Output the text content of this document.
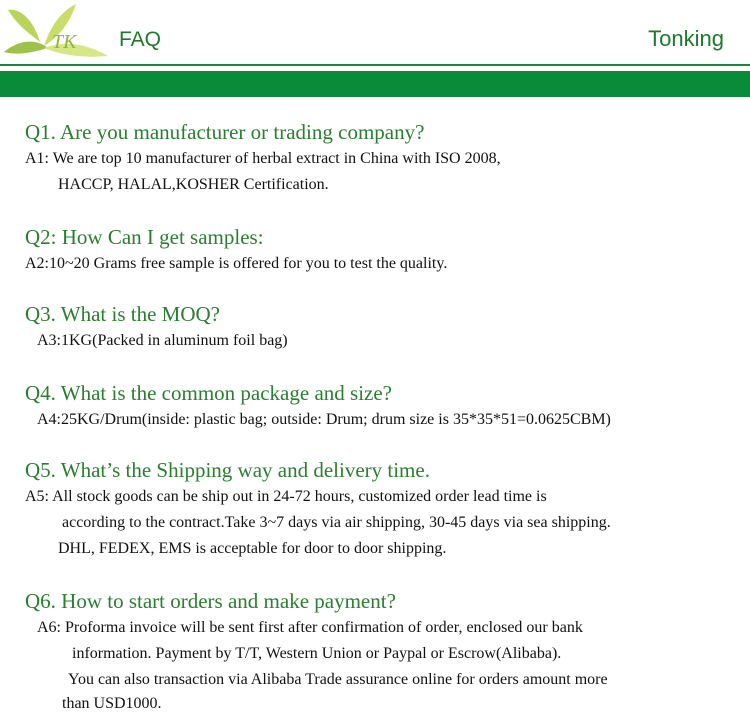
TK FAQ	Tonking
Q1. Are you manufacturer or trading company?
A1: We are top 10 manufacturer of herbal extract in China with ISO 2008,
HACCP, HALAL,KOSHER Certification.
Q2: How Can I get samples:
A2:10~20 Grams free sample is offered for you to test the quality.
Q3. What is the MOQ?
A3:1KG(Packed in aluminum foil bag)
Q4. What is the common package and size?
A4:25KG/Drum(inside: plastic bag; outside: Drum; drum size is 35*35*51=0.0625CBM)
Q5. What’s the Shipping way and delivery time.
A5: All stock goods can be ship out in 24-72 hours, customized order lead time is
according to the contract.Take 3~7 days via air shipping, 30-45 days via sea shipping.
DHL, FEDEX, EMS is acceptable for door to door shipping.
Q6. How to start orders and make payment?
A6: Proforma invoice will be sent first after confirmation of order, enclosed our bank
information. Payment by T/T, Western Union or Paypal or Escrow(Alibaba).
You can also transaction via Alibaba Trade assurance online for orders amount more
than USD1000.
